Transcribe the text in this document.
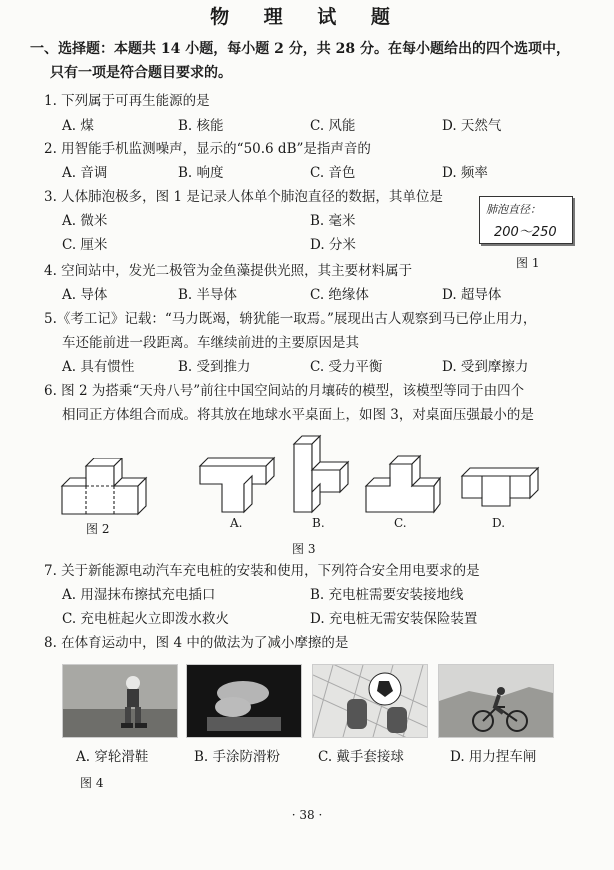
物 理 试 题
一、选择题：本题共 14 小题，每小题 2 分，共 28 分。在每小题给出的四个选项中，
只有一项是符合题目要求的。
1. 下列属于可再生能源的是
A. 煤	B. 核能	C. 风能	D. 天然气
2. 用智能手机监测噪声，显示的“50.6 dB”是指声音的
A. 音调	B. 响度	C. 音色	D. 频率
3. 人体肺泡极多，图 1 是记录人体单个肺泡直径的数据，其单位是
A. 微米	B. 毫米
C. 厘米	D. 分米
肺泡直径：
200～250
图 1
4. 空间站中，发光二极管为金鱼藻提供光照，其主要材料属于
A. 导体	B. 半导体	C. 绝缘体	D. 超导体
5.《考工记》记载：“马力既竭，辀犹能一取焉。”展现出古人观察到马已停止用力，
车还能前进一段距离。车继续前进的主要原因是其
A. 具有惯性	B. 受到推力	C. 受力平衡	D. 受到摩擦力
6. 图 2 为搭乘“天舟八号”前往中国空间站的月壤砖的模型，该模型等同于由四个
相同正方体组合而成。将其放在地球水平桌面上，如图 3，对桌面压强最小的是
图 2	A.	B.	C.	D.
图 3
7. 关于新能源电动汽车充电桩的安装和使用，下列符合安全用电要求的是
A. 用湿抹布擦拭充电插口	B. 充电桩需要安装接地线
C. 充电桩起火立即泼水救火	D. 充电桩无需安装保险装置
8. 在体育运动中，图 4 中的做法为了减小摩擦的是
A. 穿轮滑鞋	B. 手涂防滑粉	C. 戴手套接球	D. 用力捏车闸
图 4
· 38 ·
